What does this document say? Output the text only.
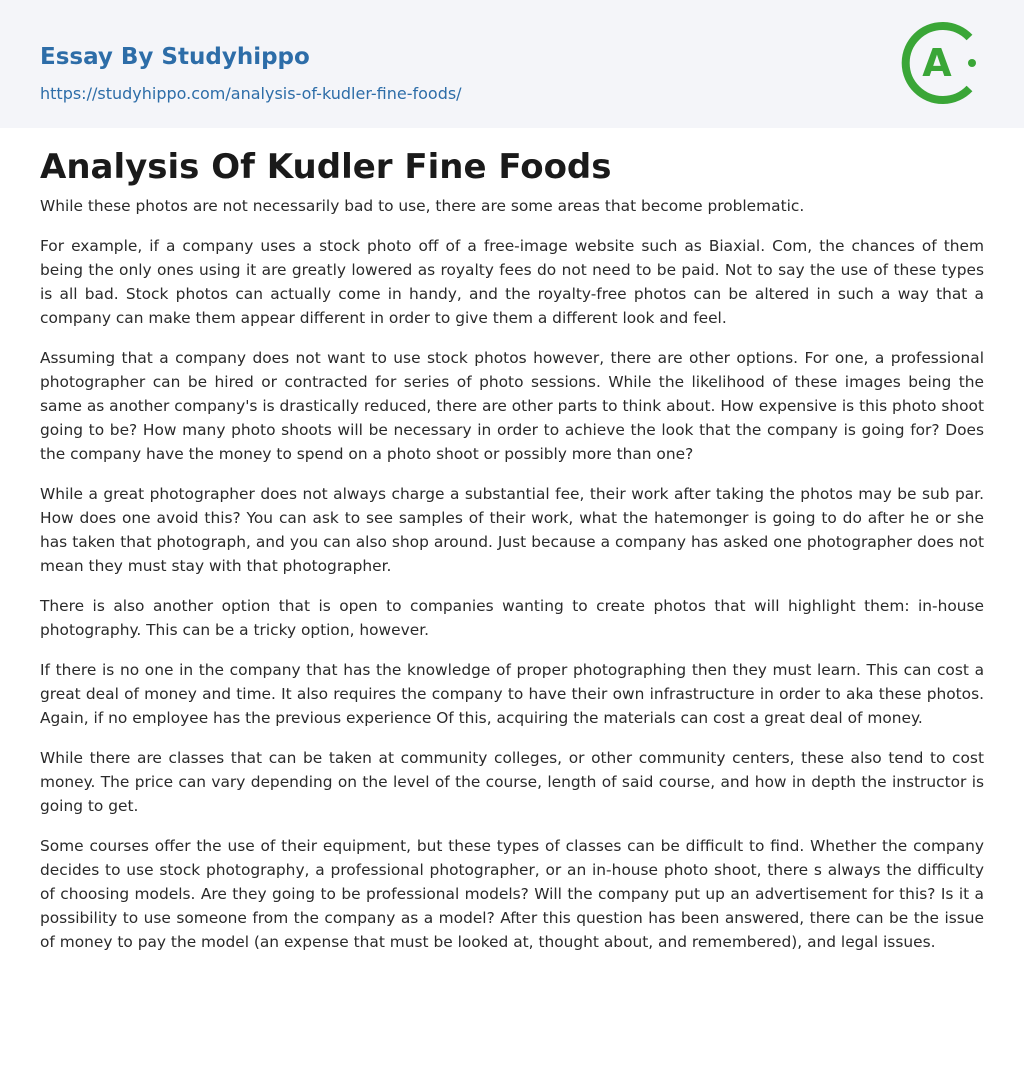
Essay By Studyhippo
https://studyhippo.com/analysis-of-kudler-fine-foods/
A
Analysis Of Kudler Fine Foods

While these photos are not necessarily bad to use, there are some areas that become problematic.

For example, if a company uses a stock photo off of a free-image website such as Biaxial. Com, the chances of them being the only ones using it are greatly lowered as royalty fees do not need to be paid. Not to say the use of these types is all bad. Stock photos can actually come in handy, and the royalty-free photos can be altered in such a way that a company can make them appear different in order to give them a different look and feel.

Assuming that a company does not want to use stock photos however, there are other options. For one, a professional photographer can be hired or contracted for series of photo sessions. While the likelihood of these images being the same as another company's is drastically reduced, there are other parts to think about. How expensive is this photo shoot going to be? How many photo shoots will be necessary in order to achieve the look that the company is going for? Does the company have the money to spend on a photo shoot or possibly more than one?

While a great photographer does not always charge a substantial fee, their work after taking the photos may be sub par. How does one avoid this? You can ask to see samples of their work, what the hatemonger is going to do after he or she has taken that photograph, and you can also shop around. Just because a company has asked one photographer does not mean they must stay with that photographer.

There is also another option that is open to companies wanting to create photos that will highlight them: in-house photography. This can be a tricky option, however.

If there is no one in the company that has the knowledge of proper photographing then they must learn. This can cost a great deal of money and time. It also requires the company to have their own infrastructure in order to aka these photos. Again, if no employee has the previous experience Of this, acquiring the materials can cost a great deal of money.

While there are classes that can be taken at community colleges, or other community centers, these also tend to cost money. The price can vary depending on the level of the course, length of said course, and how in depth the instructor is going to get.

Some courses offer the use of their equipment, but these types of classes can be difficult to find. Whether the company decides to use stock photography, a professional photographer, or an in-house photo shoot, there s always the difficulty of choosing models. Are they going to be professional models? Will the company put up an advertisement for this? Is it a possibility to use someone from the company as a model? After this question has been answered, there can be the issue of money to pay the model (an expense that must be looked at, thought about, and remembered), and legal issues.
